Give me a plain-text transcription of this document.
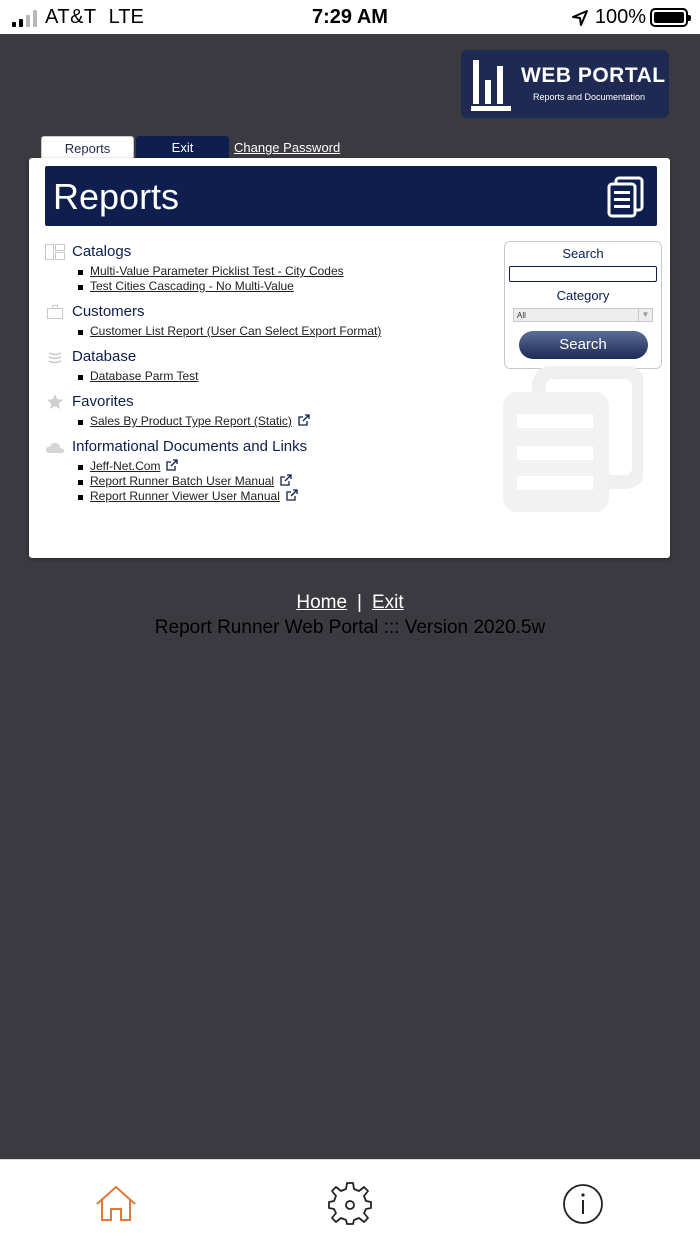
AT&T LTE	7:29 AM	100%
WEB PORTAL
Reports and Documentation
Reports	Exit	Change Password
Reports
Catalogs
Multi-Value Parameter Picklist Test - City Codes
Test Cities Cascading - No Multi-Value
Customers
Customer List Report (User Can Select Export Format)
Database
Database Parm Test
Favorites
Sales By Product Type Report (Static)
Informational Documents and Links
Jeff-Net.Com
Report Runner Batch User Manual
Report Runner Viewer User Manual
Search
Category
All	▼
Search
Home | Exit
Report Runner Web Portal ::: Version 2020.5w
